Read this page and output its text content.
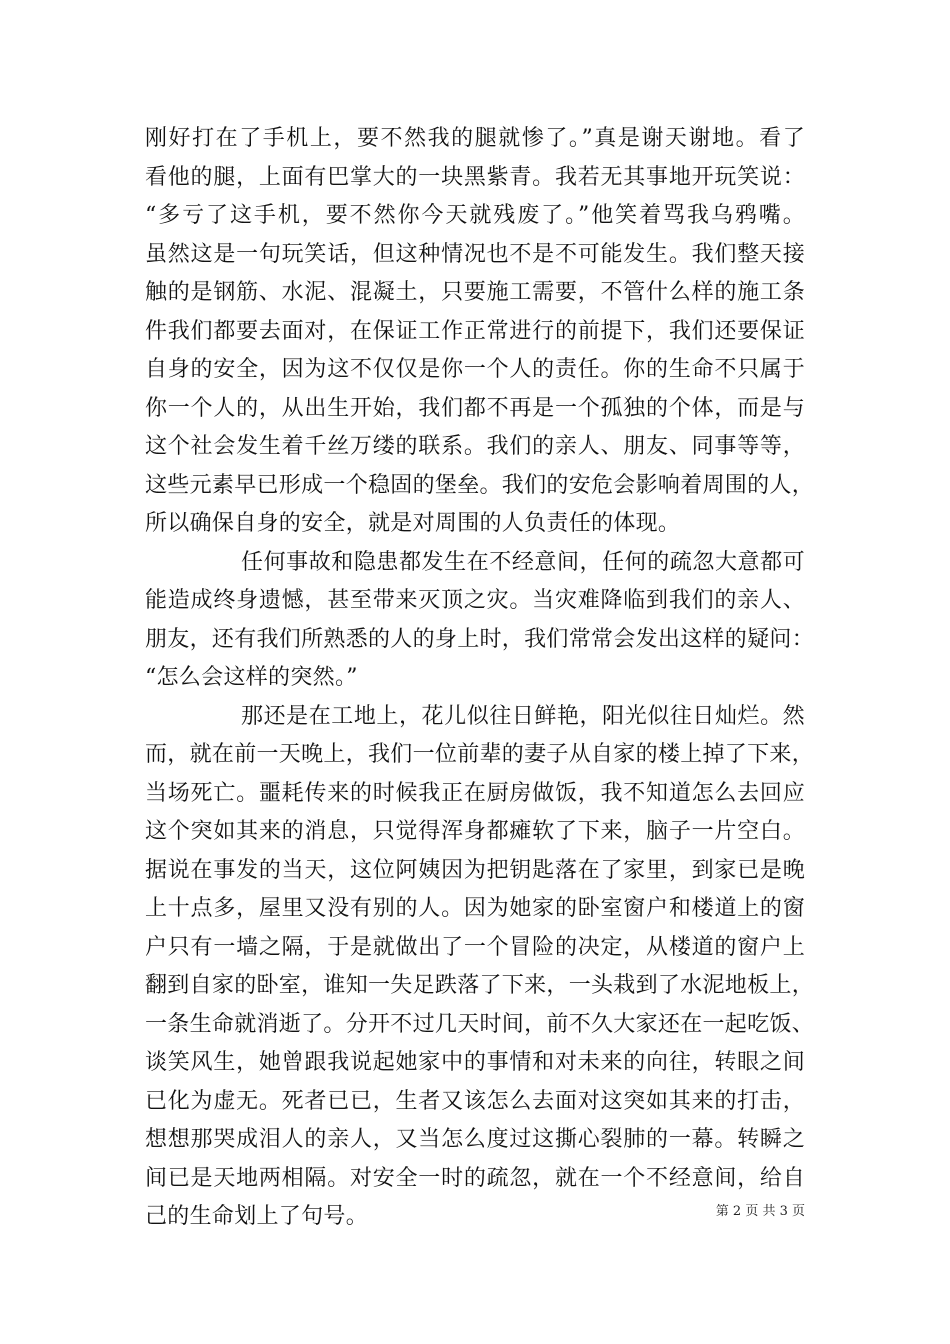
刚好打在了手机上，要不然我的腿就惨了。”真是谢天谢地。看了
看他的腿，上面有巴掌大的一块黑紫青。我若无其事地开玩笑说：
“多亏了这手机，要不然你今天就残废了。”他笑着骂我乌鸦嘴。
虽然这是一句玩笑话，但这种情况也不是不可能发生。我们整天接
触的是钢筋、水泥、混凝土，只要施工需要，不管什么样的施工条
件我们都要去面对，在保证工作正常进行的前提下，我们还要保证
自身的安全，因为这不仅仅是你一个人的责任。你的生命不只属于
你一个人的，从出生开始，我们都不再是一个孤独的个体，而是与
这个社会发生着千丝万缕的联系。我们的亲人、朋友、同事等等，
这些元素早已形成一个稳固的堡垒。我们的安危会影响着周围的人，
所以确保自身的安全，就是对周围的人负责任的体现。
任何事故和隐患都发生在不经意间，任何的疏忽大意都可
能造成终身遗憾，甚至带来灭顶之灾。当灾难降临到我们的亲人、
朋友，还有我们所熟悉的人的身上时，我们常常会发出这样的疑问：
“怎么会这样的突然。”
那还是在工地上，花儿似往日鲜艳，阳光似往日灿烂。然
而，就在前一天晚上，我们一位前辈的妻子从自家的楼上掉了下来，
当场死亡。噩耗传来的时候我正在厨房做饭，我不知道怎么去回应
这个突如其来的消息，只觉得浑身都瘫软了下来，脑子一片空白。
据说在事发的当天，这位阿姨因为把钥匙落在了家里，到家已是晚
上十点多，屋里又没有别的人。因为她家的卧室窗户和楼道上的窗
户只有一墙之隔，于是就做出了一个冒险的决定，从楼道的窗户上
翻到自家的卧室，谁知一失足跌落了下来，一头栽到了水泥地板上，
一条生命就消逝了。分开不过几天时间，前不久大家还在一起吃饭、
谈笑风生，她曾跟我说起她家中的事情和对未来的向往，转眼之间
已化为虚无。死者已已，生者又该怎么去面对这突如其来的打击，
想想那哭成泪人的亲人，又当怎么度过这撕心裂肺的一幕。转瞬之
间已是天地两相隔。对安全一时的疏忽，就在一个不经意间，给自
己的生命划上了句号。	第 2 页 共 3 页
